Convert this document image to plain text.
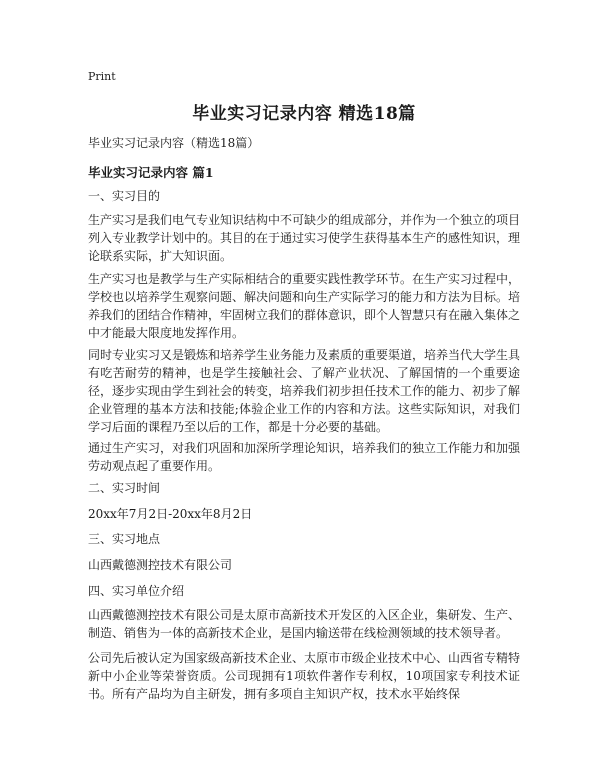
Print
毕业实习记录内容 精选18篇
毕业实习记录内容（精选18篇）
毕业实习记录内容 篇1
一、实习目的

生产实习是我们电气专业知识结构中不可缺少的组成部分，并作为一个独立的项目列入专业教学计划中的。其目的在于通过实习使学生获得基本生产的感性知识，理论联系实际，扩大知识面。

生产实习也是教学与生产实际相结合的重要实践性教学环节。在生产实习过程中，学校也以培养学生观察问题、解决问题和向生产实际学习的能力和方法为目标。培养我们的团结合作精神，牢固树立我们的群体意识，即个人智慧只有在融入集体之中才能最大限度地发挥作用。

同时专业实习又是锻炼和培养学生业务能力及素质的重要渠道，培养当代大学生具有吃苦耐劳的精神，也是学生接触社会、了解产业状况、了解国情的一个重要途径，逐步实现由学生到社会的转变，培养我们初步担任技术工作的能力、初步了解企业管理的基本方法和技能;体验企业工作的内容和方法。这些实际知识，对我们学习后面的课程乃至以后的工作，都是十分必要的基础。

通过生产实习，对我们巩固和加深所学理论知识，培养我们的独立工作能力和加强劳动观点起了重要作用。

二、实习时间
20xx年7月2日-20xx年8月2日
三、实习地点
山西戴德测控技术有限公司
四、实习单位介绍

山西戴德测控技术有限公司是太原市高新技术开发区的入区企业，集研发、生产、制造、销售为一体的高新技术企业，是国内输送带在线检测领域的技术领导者。

公司先后被认定为国家级高新技术企业、太原市市级企业技术中心、山西省专精特新中小企业等荣誉资质。公司现拥有1项软件著作专利权，10项国家专利技术证书。所有产品均为自主研发，拥有多项自主知识产权，技术水平始终保
